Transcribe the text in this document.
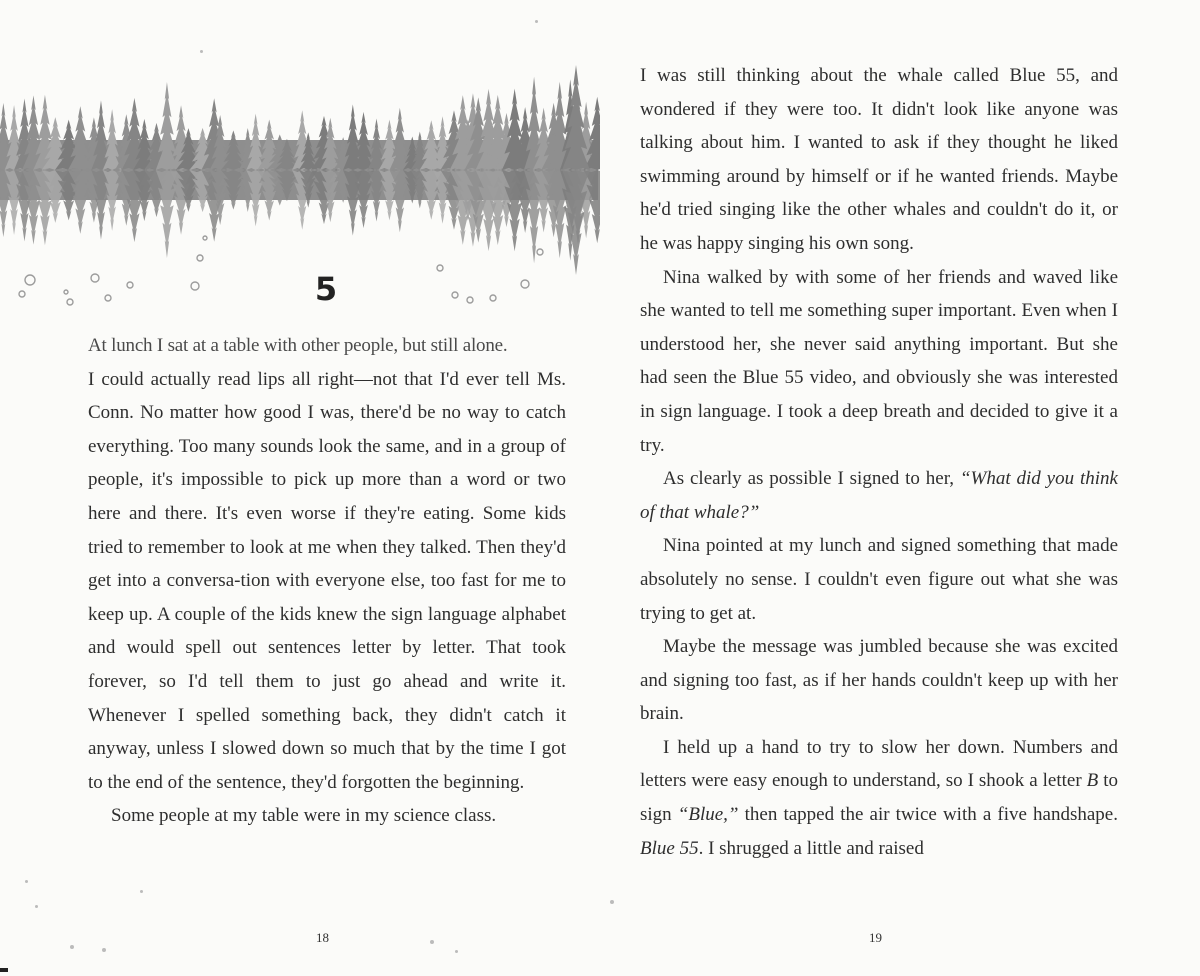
5

At lunch I sat at a table with other people, but still alone.

I could actually read lips all right—not that I'd ever tell Ms. Conn. No matter how good I was, there'd be no way to catch everything. Too many sounds look the same, and in a group of people, it's impossible to pick up more than a word or two here and there. It's even worse if they're eating. Some kids tried to remember to look at me when they talked. Then they'd get into a conversa-tion with everyone else, too fast for me to keep up. A couple of the kids knew the sign language alphabet and would spell out sentences letter by letter. That took forever, so I'd tell them to just go ahead and write it. Whenever I spelled something back, they didn't catch it anyway, unless I slowed down so much that by the time I got to the end of the sentence, they'd forgotten the beginning.

Some people at my table were in my science class.

18

I was still thinking about the whale called Blue 55, and wondered if they were too. It didn't look like anyone was talking about him. I wanted to ask if they thought he liked swimming around by himself or if he wanted friends. Maybe he'd tried singing like the other whales and couldn't do it, or he was happy singing his own song.

Nina walked by with some of her friends and waved like she wanted to tell me something super important. Even when I understood her, she never said anything important. But she had seen the Blue 55 video, and obviously she was interested in sign language. I took a deep breath and decided to give it a try.

As clearly as possible I signed to her, “What did you think of that whale?”

Nina pointed at my lunch and signed something that made absolutely no sense. I couldn't even figure out what she was trying to get at.

Maybe the message was jumbled because she was excited and signing too fast, as if her hands couldn't keep up with her brain.

I held up a hand to try to slow her down. Numbers and letters were easy enough to understand, so I shook a letter B to sign “Blue,” then tapped the air twice with a five handshape. Blue 55. I shrugged a little and raised

19
